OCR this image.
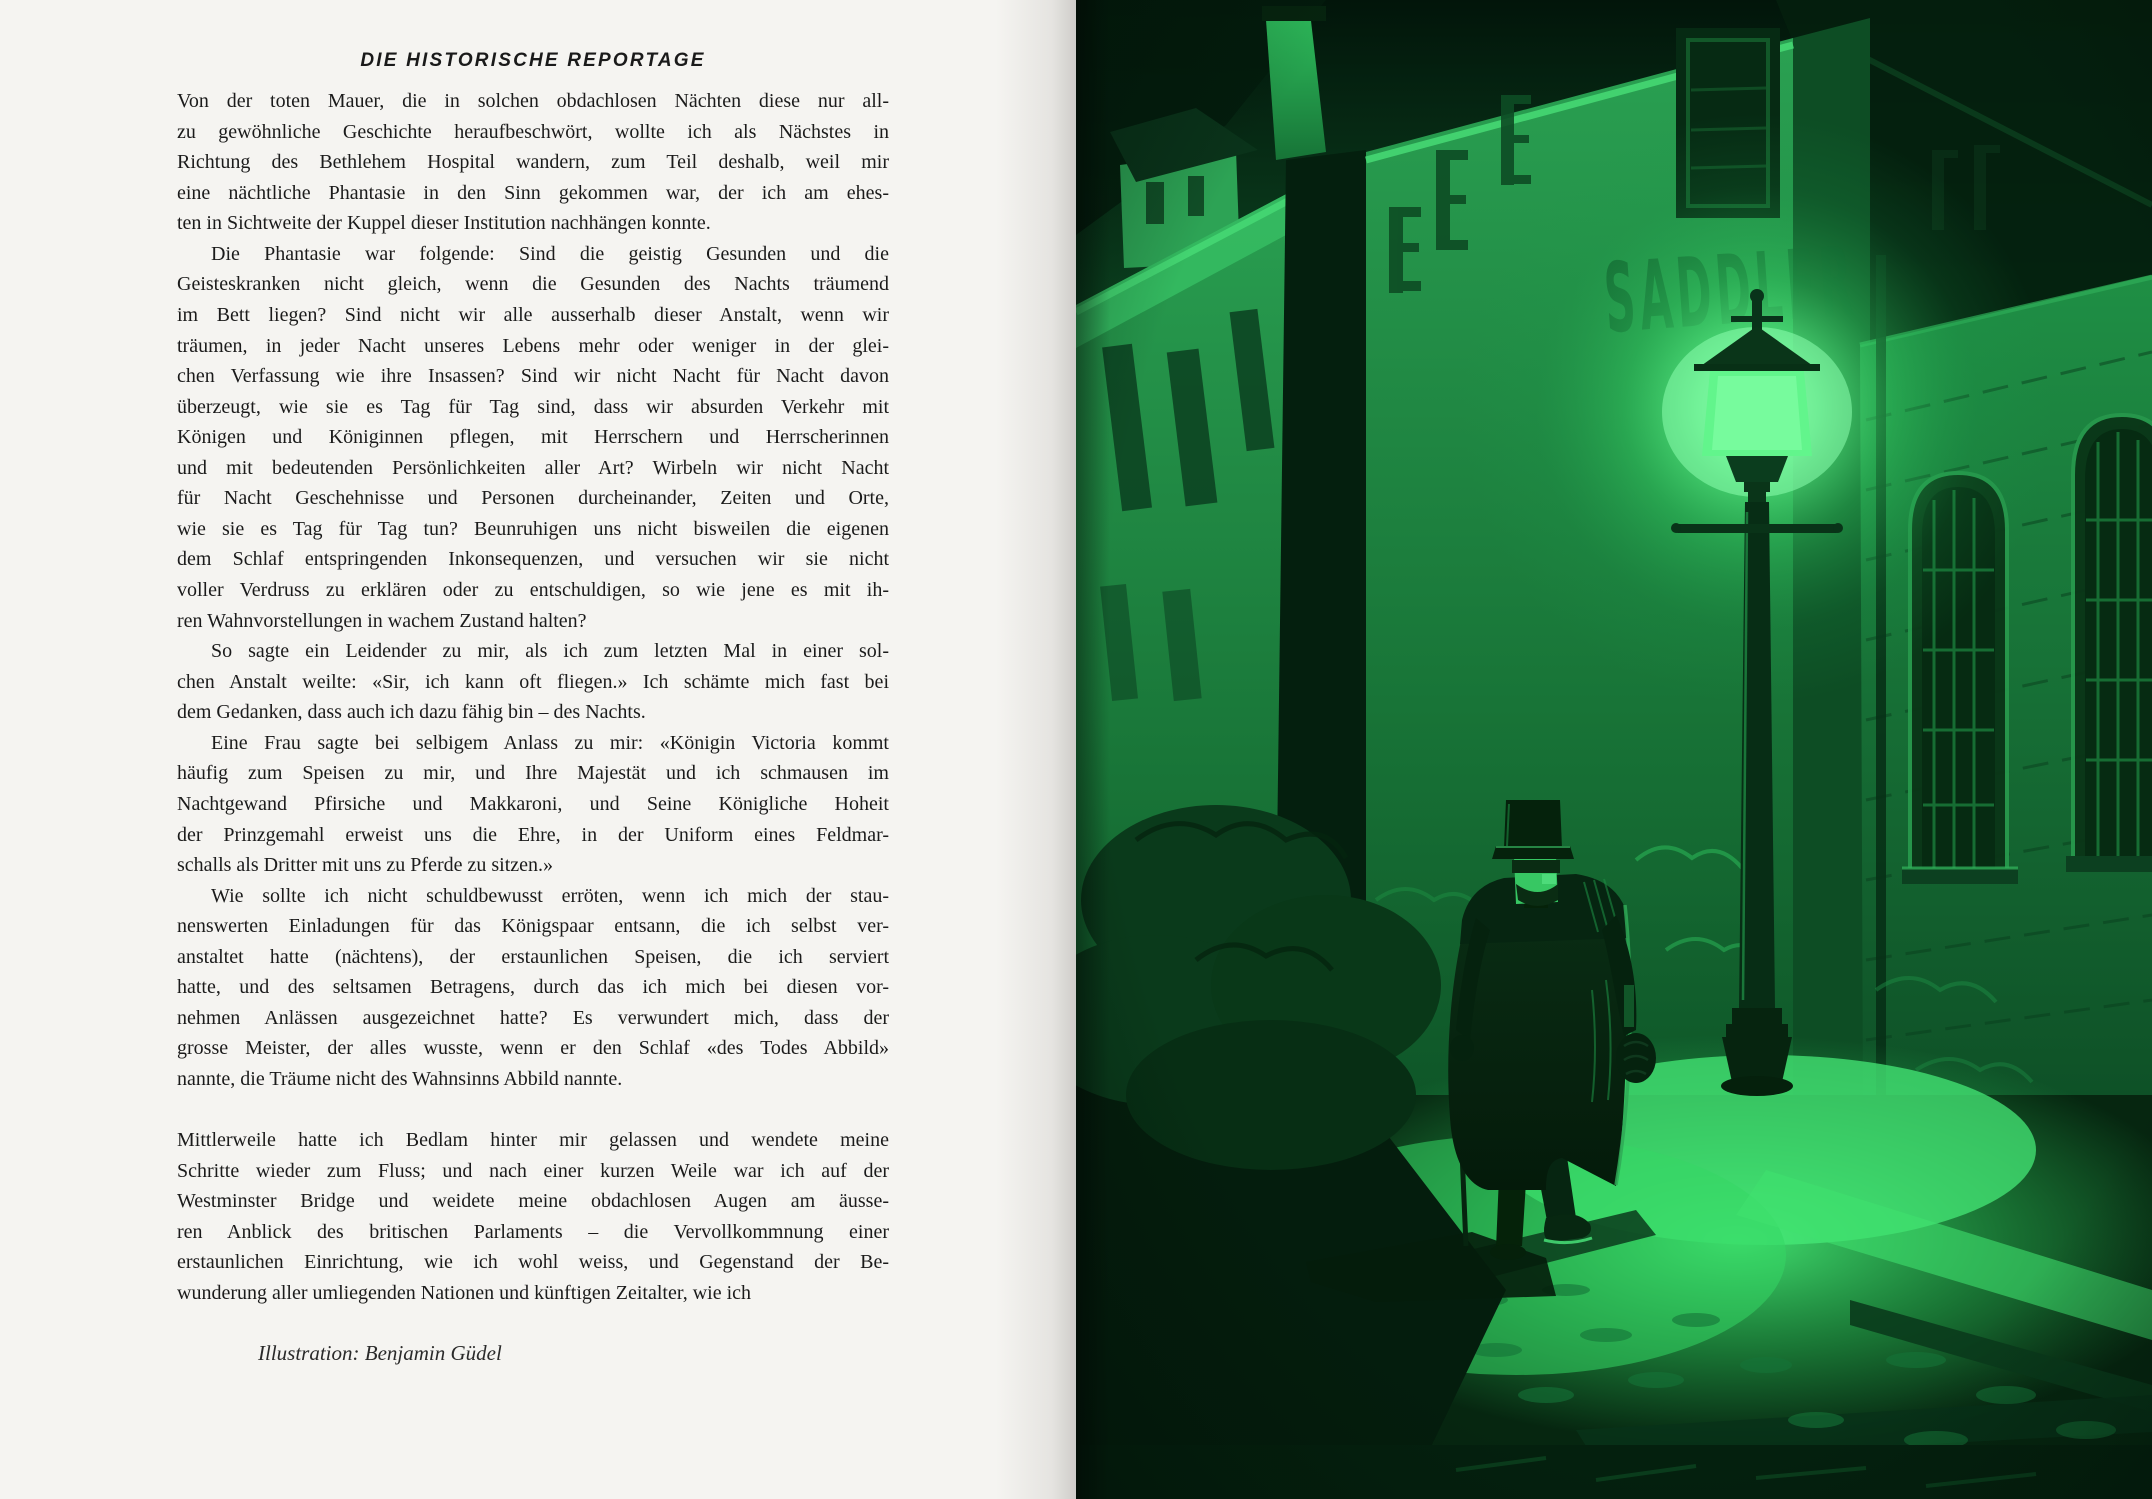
DIE HISTORISCHE REPORTAGE
Von der toten Mauer, die in solchen obdachlosen Nächten diese nur all-
zu gewöhnliche Geschichte heraufbeschwört, wollte ich als Nächstes in
Richtung des Bethlehem Hospital wandern, zum Teil deshalb, weil mir
eine nächtliche Phantasie in den Sinn gekommen war, der ich am ehes-
ten in Sichtweite der Kuppel dieser Institution nachhängen konnte.
Die Phantasie war folgende: Sind die geistig Gesunden und die
Geisteskranken nicht gleich, wenn die Gesunden des Nachts träumend
im Bett liegen? Sind nicht wir alle ausserhalb dieser Anstalt, wenn wir
träumen, in jeder Nacht unseres Lebens mehr oder weniger in der glei-
chen Verfassung wie ihre Insassen? Sind wir nicht Nacht für Nacht davon
überzeugt, wie sie es Tag für Tag sind, dass wir absurden Verkehr mit
Königen und Königinnen pflegen, mit Herrschern und Herrscherinnen
und mit bedeutenden Persönlichkeiten aller Art? Wirbeln wir nicht Nacht
für Nacht Geschehnisse und Personen durcheinander, Zeiten und Orte,
wie sie es Tag für Tag tun? Beunruhigen uns nicht bisweilen die eigenen
dem Schlaf entspringenden Inkonsequenzen, und versuchen wir sie nicht
voller Verdruss zu erklären oder zu entschuldigen, so wie jene es mit ih-
ren Wahnvorstellungen in wachem Zustand halten?
So sagte ein Leidender zu mir, als ich zum letzten Mal in einer sol-
chen Anstalt weilte: «Sir, ich kann oft fliegen.» Ich schämte mich fast bei
dem Gedanken, dass auch ich dazu fähig bin – des Nachts.
Eine Frau sagte bei selbigem Anlass zu mir: «Königin Victoria kommt
häufig zum Speisen zu mir, und Ihre Majestät und ich schmausen im
Nachtgewand Pfirsiche und Makkaroni, und Seine Königliche Hoheit
der Prinzgemahl erweist uns die Ehre, in der Uniform eines Feldmar-
schalls als Dritter mit uns zu Pferde zu sitzen.»
Wie sollte ich nicht schuldbewusst erröten, wenn ich mich der stau-
nenswerten Einladungen für das Königspaar entsann, die ich selbst ver-
anstaltet hatte (nächtens), der erstaunlichen Speisen, die ich serviert
hatte, und des seltsamen Betragens, durch das ich mich bei diesen vor-
nehmen Anlässen ausgezeichnet hatte? Es verwundert mich, dass der
grosse Meister, der alles wusste, wenn er den Schlaf «des Todes Abbild»
nannte, die Träume nicht des Wahnsinns Abbild nannte.
Mittlerweile hatte ich Bedlam hinter mir gelassen und wendete meine
Schritte wieder zum Fluss; und nach einer kurzen Weile war ich auf der
Westminster Bridge und weidete meine obdachlosen Augen am äusse-
ren Anblick des britischen Parlaments – die Vervollkommnung einer
erstaunlichen Einrichtung, wie ich wohl weiss, und Gegenstand der Be-
wunderung aller umliegenden Nationen und künftigen Zeitalter, wie ich
Illustration: Benjamin Güdel
